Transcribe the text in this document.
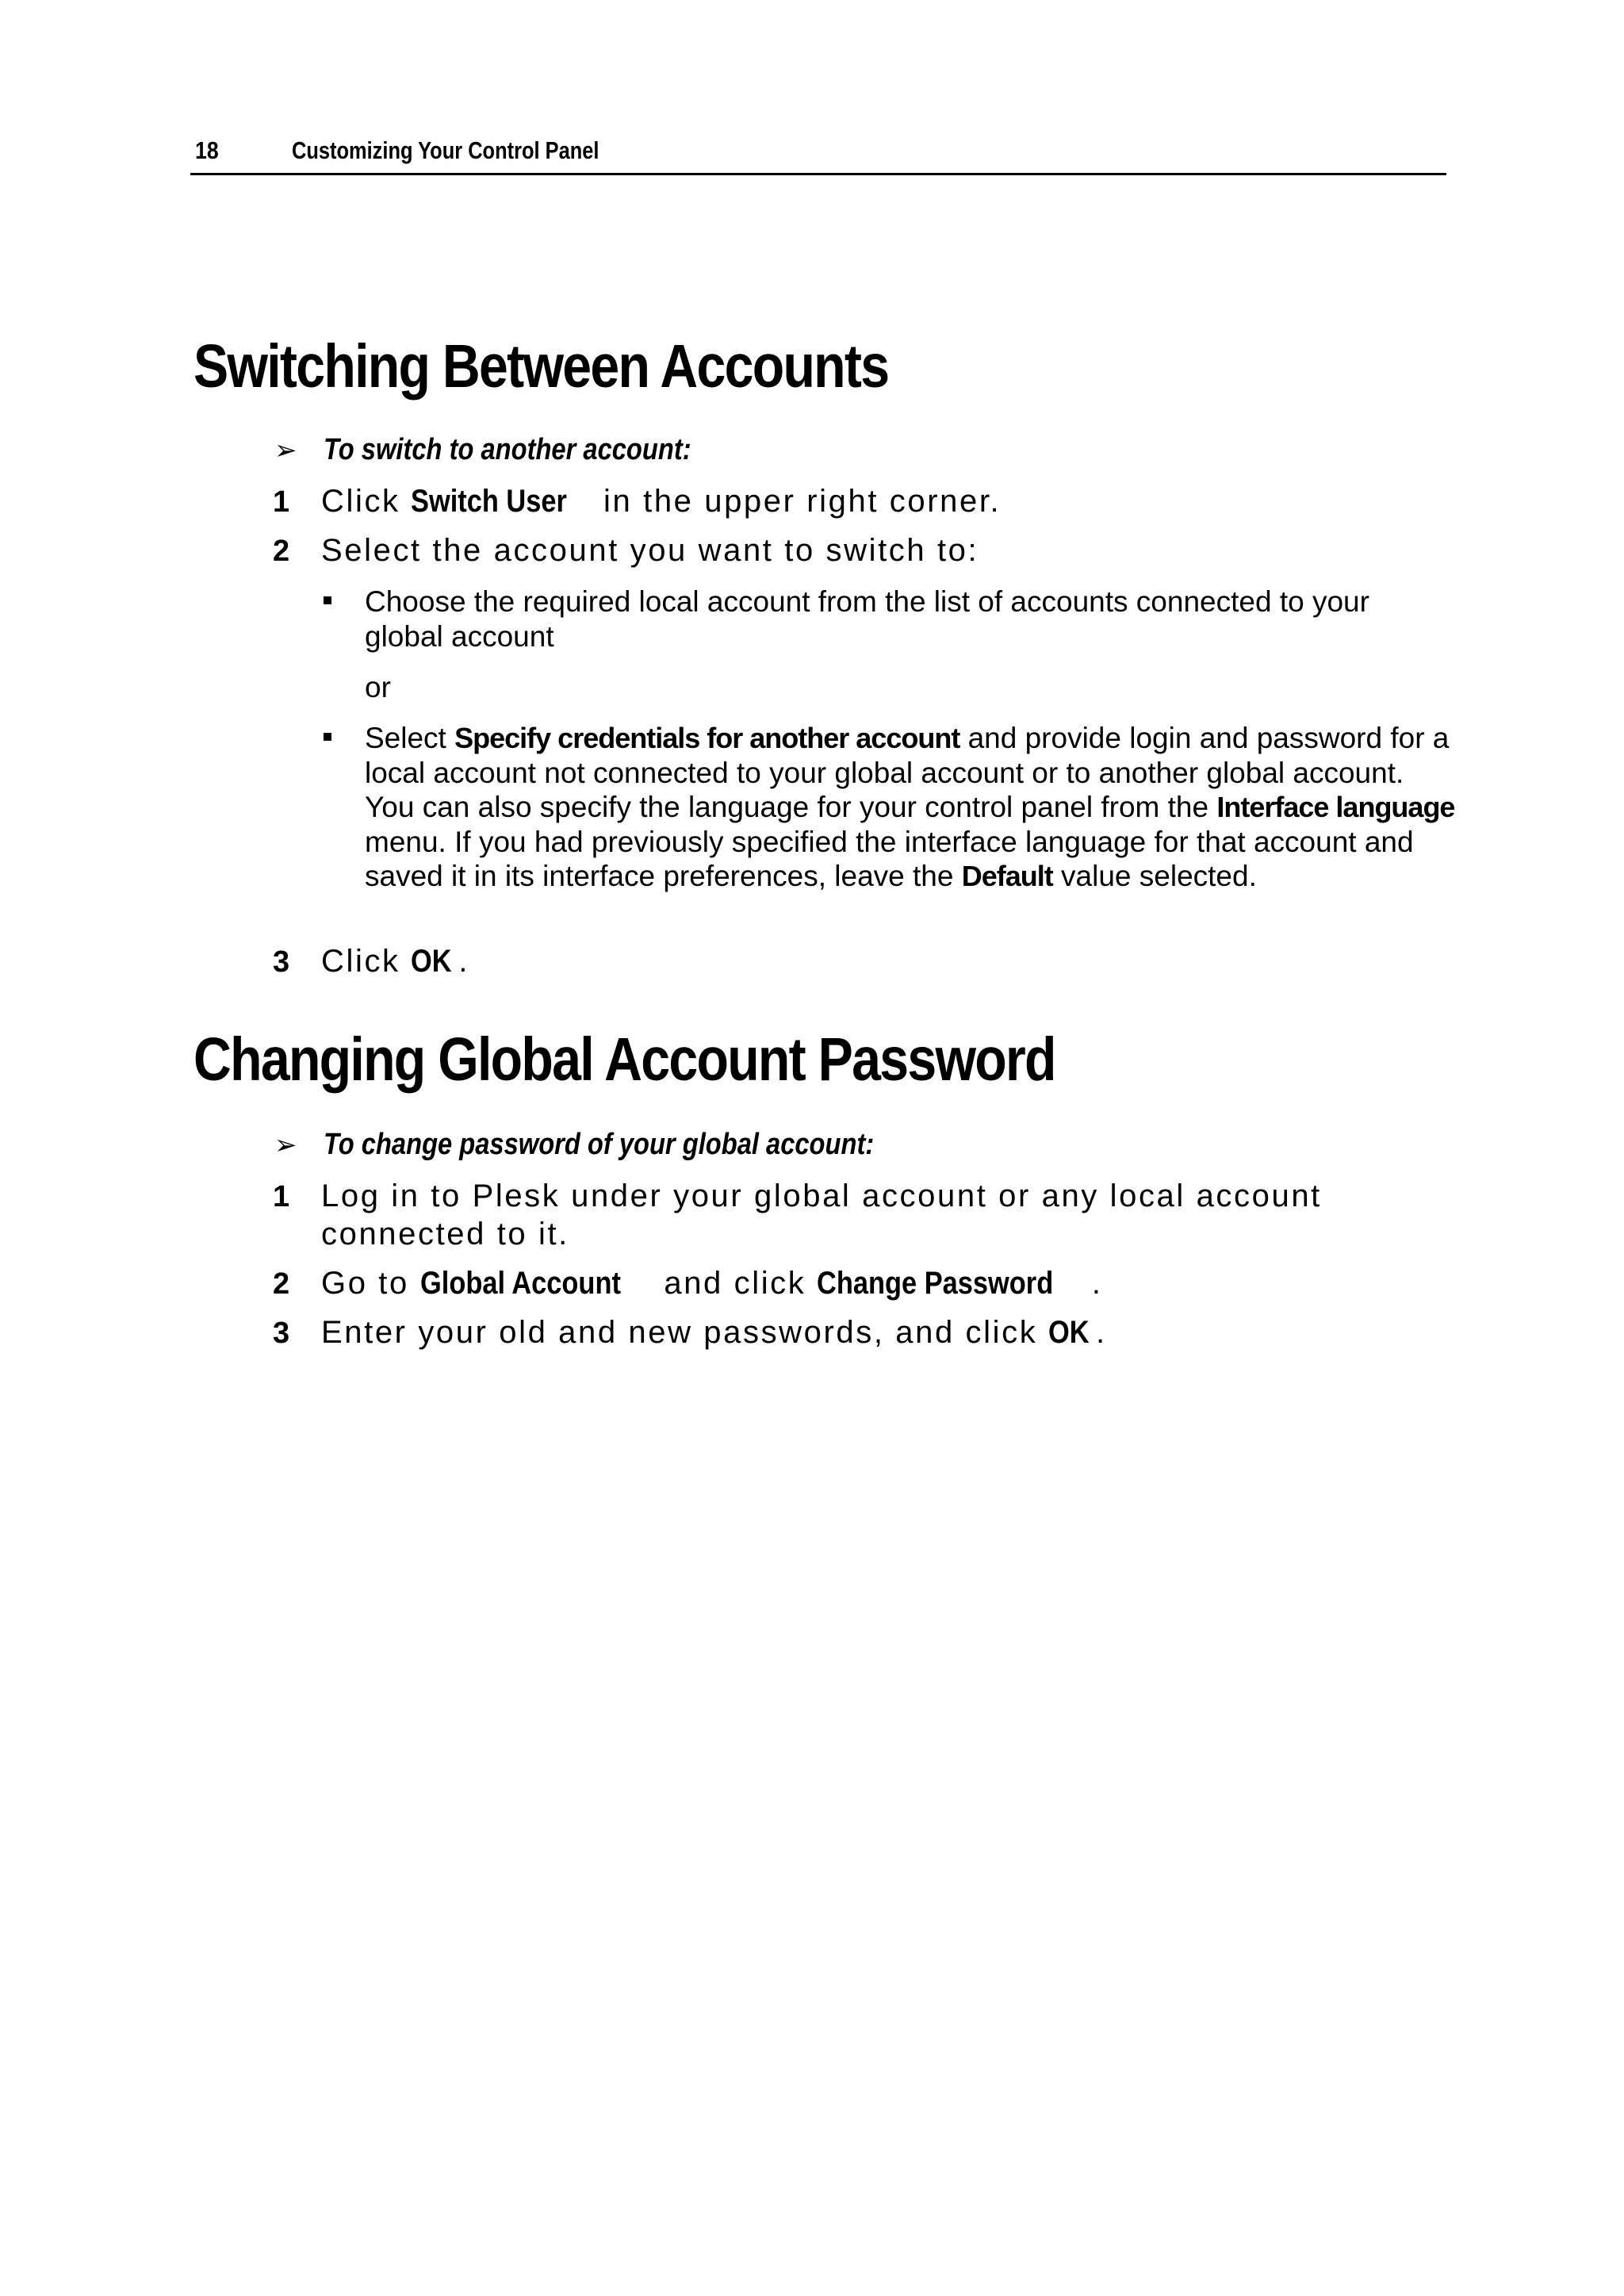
18	Customizing Your Control Panel
Switching Between Accounts
➢ To switch to another account:
1 Click Switch User in the upper right corner.
2 Select the account you want to switch to:
Choose the required local account from the list of accounts connected to your
global account
or
Select Specify credentials for another account and provide login and password for a local account not connected to your global account or to another global account. You can also specify the language for your control panel from the Interface language menu. If you had previously specified the interface language for that account and saved it in its interface preferences, leave the Default value selected.
3 Click OK .
Changing Global Account Password
➢ To change password of your global account:
1 Log in to Plesk under your global account or any local account
connected to it.
2 Go to Global Account and click Change Password .
3 Enter your old and new passwords, and click OK .
